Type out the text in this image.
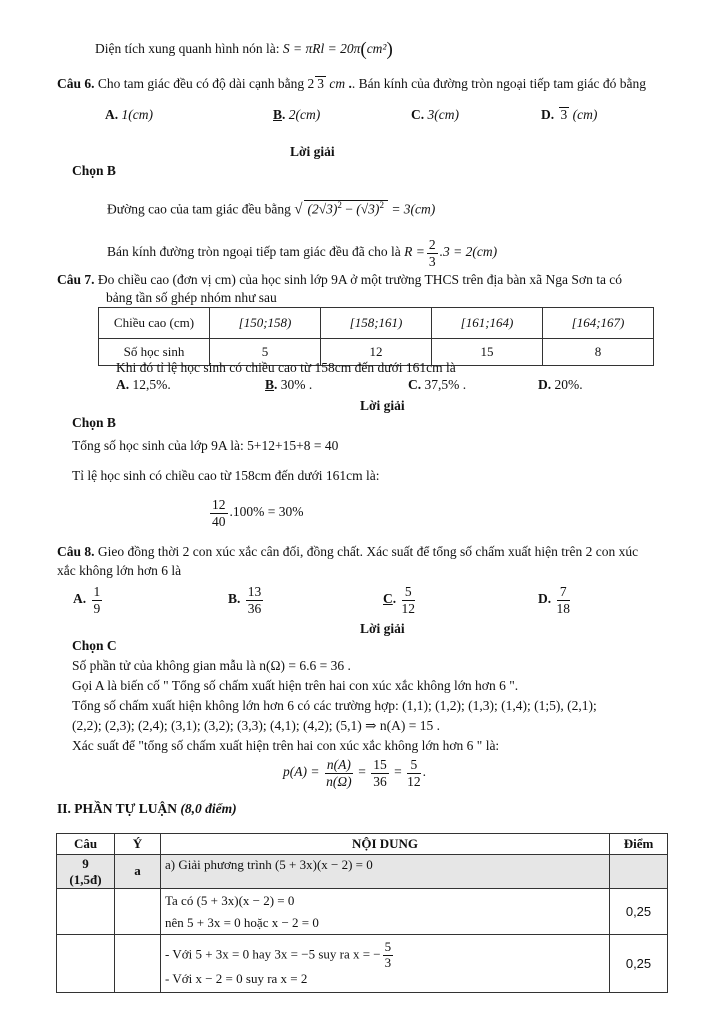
Diện tích xung quanh hình nón là: S = πRl = 20π(cm²)
Câu 6. Cho tam giác đều có độ dài cạnh bằng 2 3 cm .. Bán kính của đường tròn ngoại tiếp tam giác đó bằng
A. 1(cm)	B. 2(cm)	C. 3(cm)	D. 3 (cm)
Lời giải
Chọn B
Đường cao của tam giác đều bằng √ $(2√3)^2 - (√3)^2 = 3(cm)$
Bán kính đường tròn ngoại tiếp tam giác đều đã cho là $R = \frac{2}{3} .3 = 2(cm)$
Câu 7. Đo chiều cao (đơn vị cm) của học sinh lớp 9A ở một trường THCS trên địa bàn xã Nga Sơn ta có
bảng tần số ghép nhóm như sau
Chiều cao (cm)	[150;158)	[158;161)	[161;164)	[164;167)
Số học sinh	5	12	15	8
Khi đó tỉ lệ học sinh có chiều cao từ 158cm đến dưới 161cm là
A. 12,5%.	B. 30% .	C. 37,5% .	D. 20%.
Lời giải
Chọn B
Tổng số học sinh của lớp 9A là: 5+12+15+8 = 40
Tỉ lệ học sinh có chiều cao từ 158cm đến dưới 161cm là:
$\frac{12}{40} .100\% = 30\%$
Câu 8. Gieo đồng thời 2 con xúc xắc cân đối, đồng chất. Xác suất để tổng số chấm xuất hiện trên 2 con xúc
xắc không lớn hơn 6 là
A. $\frac{1}{9}$	B. $\frac{13}{36}$	C. $\frac{5}{12}$	D. $\frac{7}{18}$
Lời giải
Chọn C
Số phần tử của không gian mẫu là n(Ω) = 6.6 = 36 .
Gọi A là biến cố " Tổng số chấm xuất hiện trên hai con xúc xắc không lớn hơn 6 ".
Tổng số chấm xuất hiện không lớn hơn 6 có các trường hợp: (1,1); (1,2); (1,3); (1,4); (1;5), (2,1);
(2,2); (2,3); (2,4); (3,1); (3,2); (3,3); (4,1); (4,2); (5,1) ⇒ n(A) = 15 .
Xác suất để "tổng số chấm xuất hiện trên hai con xúc xắc không lớn hơn 6 " là:
$p(A) = \frac{n(A)}{n(\Omega)} = \frac{15}{36} = \frac{5}{12}$ .
II. PHẦN TỰ LUẬN (8,0 điểm)
Câu	Ý	NỘI DUNG	Điểm

9
(1,5đ)	a	a) Giải phương trình (5 + 3x)(x − 2) = 0	

		Ta có (5 + 3x)(x − 2) = 0
nên 5 + 3x = 0 hoặc x − 2 = 0	0,25

		- Với 5 + 3x = 0 hay 3x = −5 suy ra x = − $\frac{5}{3}$
- Với x − 2 = 0 suy ra x = 2	0,25
